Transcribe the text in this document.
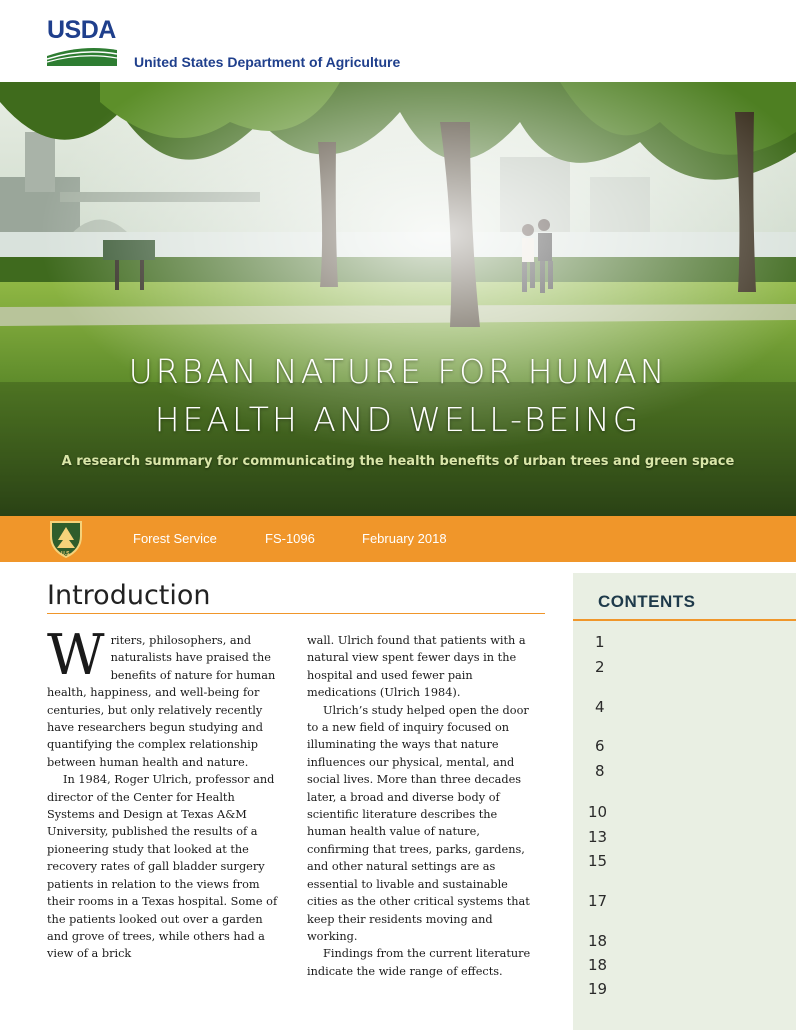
USDA
United States Department of Agriculture
URBAN NATURE FOR HUMAN
HEALTH AND WELL-BEING
A research summary for communicating the health benefits of urban trees and green space
U.S.
Forest Service	FS-1096	February 2018
Introduction

Writers, philosophers, and naturalists have praised the benefits of nature for human health, happiness, and well-being for centuries, but only relatively recently have researchers begun studying and quantifying the complex relationship between human health and nature.

In 1984, Roger Ulrich, professor and director of the Center for Health Systems and Design at Texas A&M University, published the results of a pioneering study that looked at the recovery rates of gall bladder surgery patients in relation to the views from their rooms in a Texas hospital. Some of the patients looked out over a garden and grove of trees, while others had a view of a brick

wall. Ulrich found that patients with a natural view spent fewer days in the hospital and used fewer pain medications (Ulrich 1984).

Ulrich’s study helped open the door to a new field of inquiry focused on illuminating the ways that nature influences our physical, mental, and social lives. More than three decades later, a broad and diverse body of scientific literature describes the human health value of nature, confirming that trees, parks, gardens, and other natural settings are as essential to livable and sustainable cities as the other critical systems that keep their residents moving and working.

Findings from the current literature indicate the wide range of effects.

CONTENTS
1
2
4
6
8
10
13
15
17
18
18
19
